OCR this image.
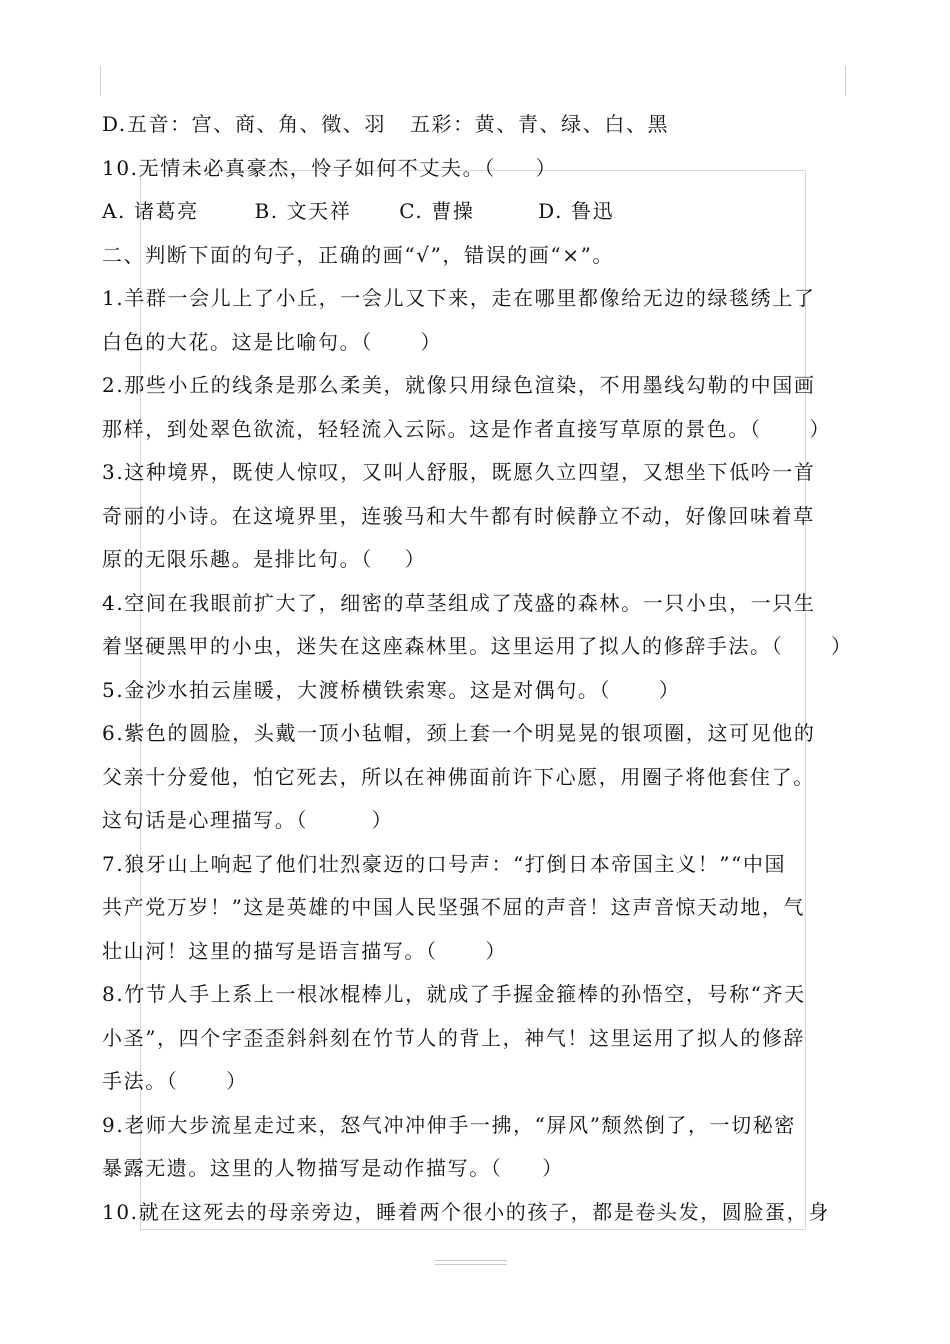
D.五音：宫、商、角、徵、羽   五彩：黄、青、绿、白、黑
10.无情未必真豪杰，怜子如何不丈夫。（     ）
A. 诸葛亮       B. 文天祥      C. 曹操        D. 鲁迅
二、判断下面的句子，正确的画“√”，错误的画“×”。
1.羊群一会儿上了小丘，一会儿又下来，走在哪里都像给无边的绿毯绣上了
白色的大花。这是比喻句。（      ）
2.那些小丘的线条是那么柔美，就像只用绿色渲染，不用墨线勾勒的中国画
那样，到处翠色欲流，轻轻流入云际。这是作者直接写草原的景色。（      ）
3.这种境界，既使人惊叹，又叫人舒服，既愿久立四望，又想坐下低吟一首
奇丽的小诗。在这境界里，连骏马和大牛都有时候静立不动，好像回味着草
原的无限乐趣。是排比句。（    ）
4.空间在我眼前扩大了，细密的草茎组成了茂盛的森林。一只小虫，一只生
着坚硬黑甲的小虫，迷失在这座森林里。这里运用了拟人的修辞手法。（      ）
5.金沙水拍云崖暖，大渡桥横铁索寒。这是对偶句。（      ）
6.紫色的圆脸，头戴一顶小毡帽，颈上套一个明晃晃的银项圈，这可见他的
父亲十分爱他，怕它死去，所以在神佛面前许下心愿，用圈子将他套住了。
这句话是心理描写。（        ）
7.狼牙山上响起了他们壮烈豪迈的口号声：“打倒日本帝国主义！”“中国
共产党万岁！”这是英雄的中国人民坚强不屈的声音！这声音惊天动地，气
壮山河！这里的描写是语言描写。（      ）
8.竹节人手上系上一根冰棍棒儿，就成了手握金箍棒的孙悟空，号称“齐天
小圣”，四个字歪歪斜斜刻在竹节人的背上，神气！这里运用了拟人的修辞
手法。（      ）
9.老师大步流星走过来，怒气冲冲伸手一拂，“屏风”颓然倒了，一切秘密
暴露无遗。这里的人物描写是动作描写。（     ）
10.就在这死去的母亲旁边，睡着两个很小的孩子，都是卷头发，圆脸蛋，身
